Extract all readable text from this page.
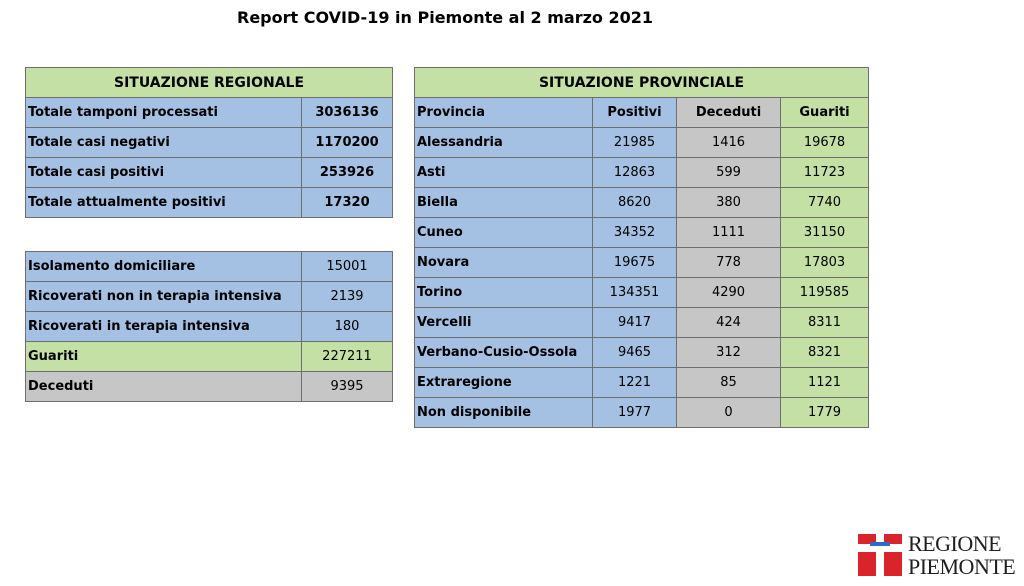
Report COVID-19 in Piemonte al 2 marzo 2021
SITUAZIONE REGIONALE	
Totale tamponi processati	3036136
Totale casi negativi	1170200
Totale casi positivi	253926
Totale attualmente positivi	17320
Isolamento domiciliare	15001
Ricoverati non in terapia intensiva	2139
Ricoverati in terapia intensiva	180
Guariti	227211
Deceduti	9395
SITUAZIONE PROVINCIALE			
Provincia	Positivi	Deceduti	Guariti
Alessandria	21985	1416	19678
Asti	12863	599	11723
Biella	8620	380	7740
Cuneo	34352	1111	31150
Novara	19675	778	17803
Torino	134351	4290	119585
Vercelli	9417	424	8311
Verbano-Cusio-Ossola	9465	312	8321
Extraregione	1221	85	1121
Non disponibile	1977	0	1779
REGIONE
PIEMONTE
